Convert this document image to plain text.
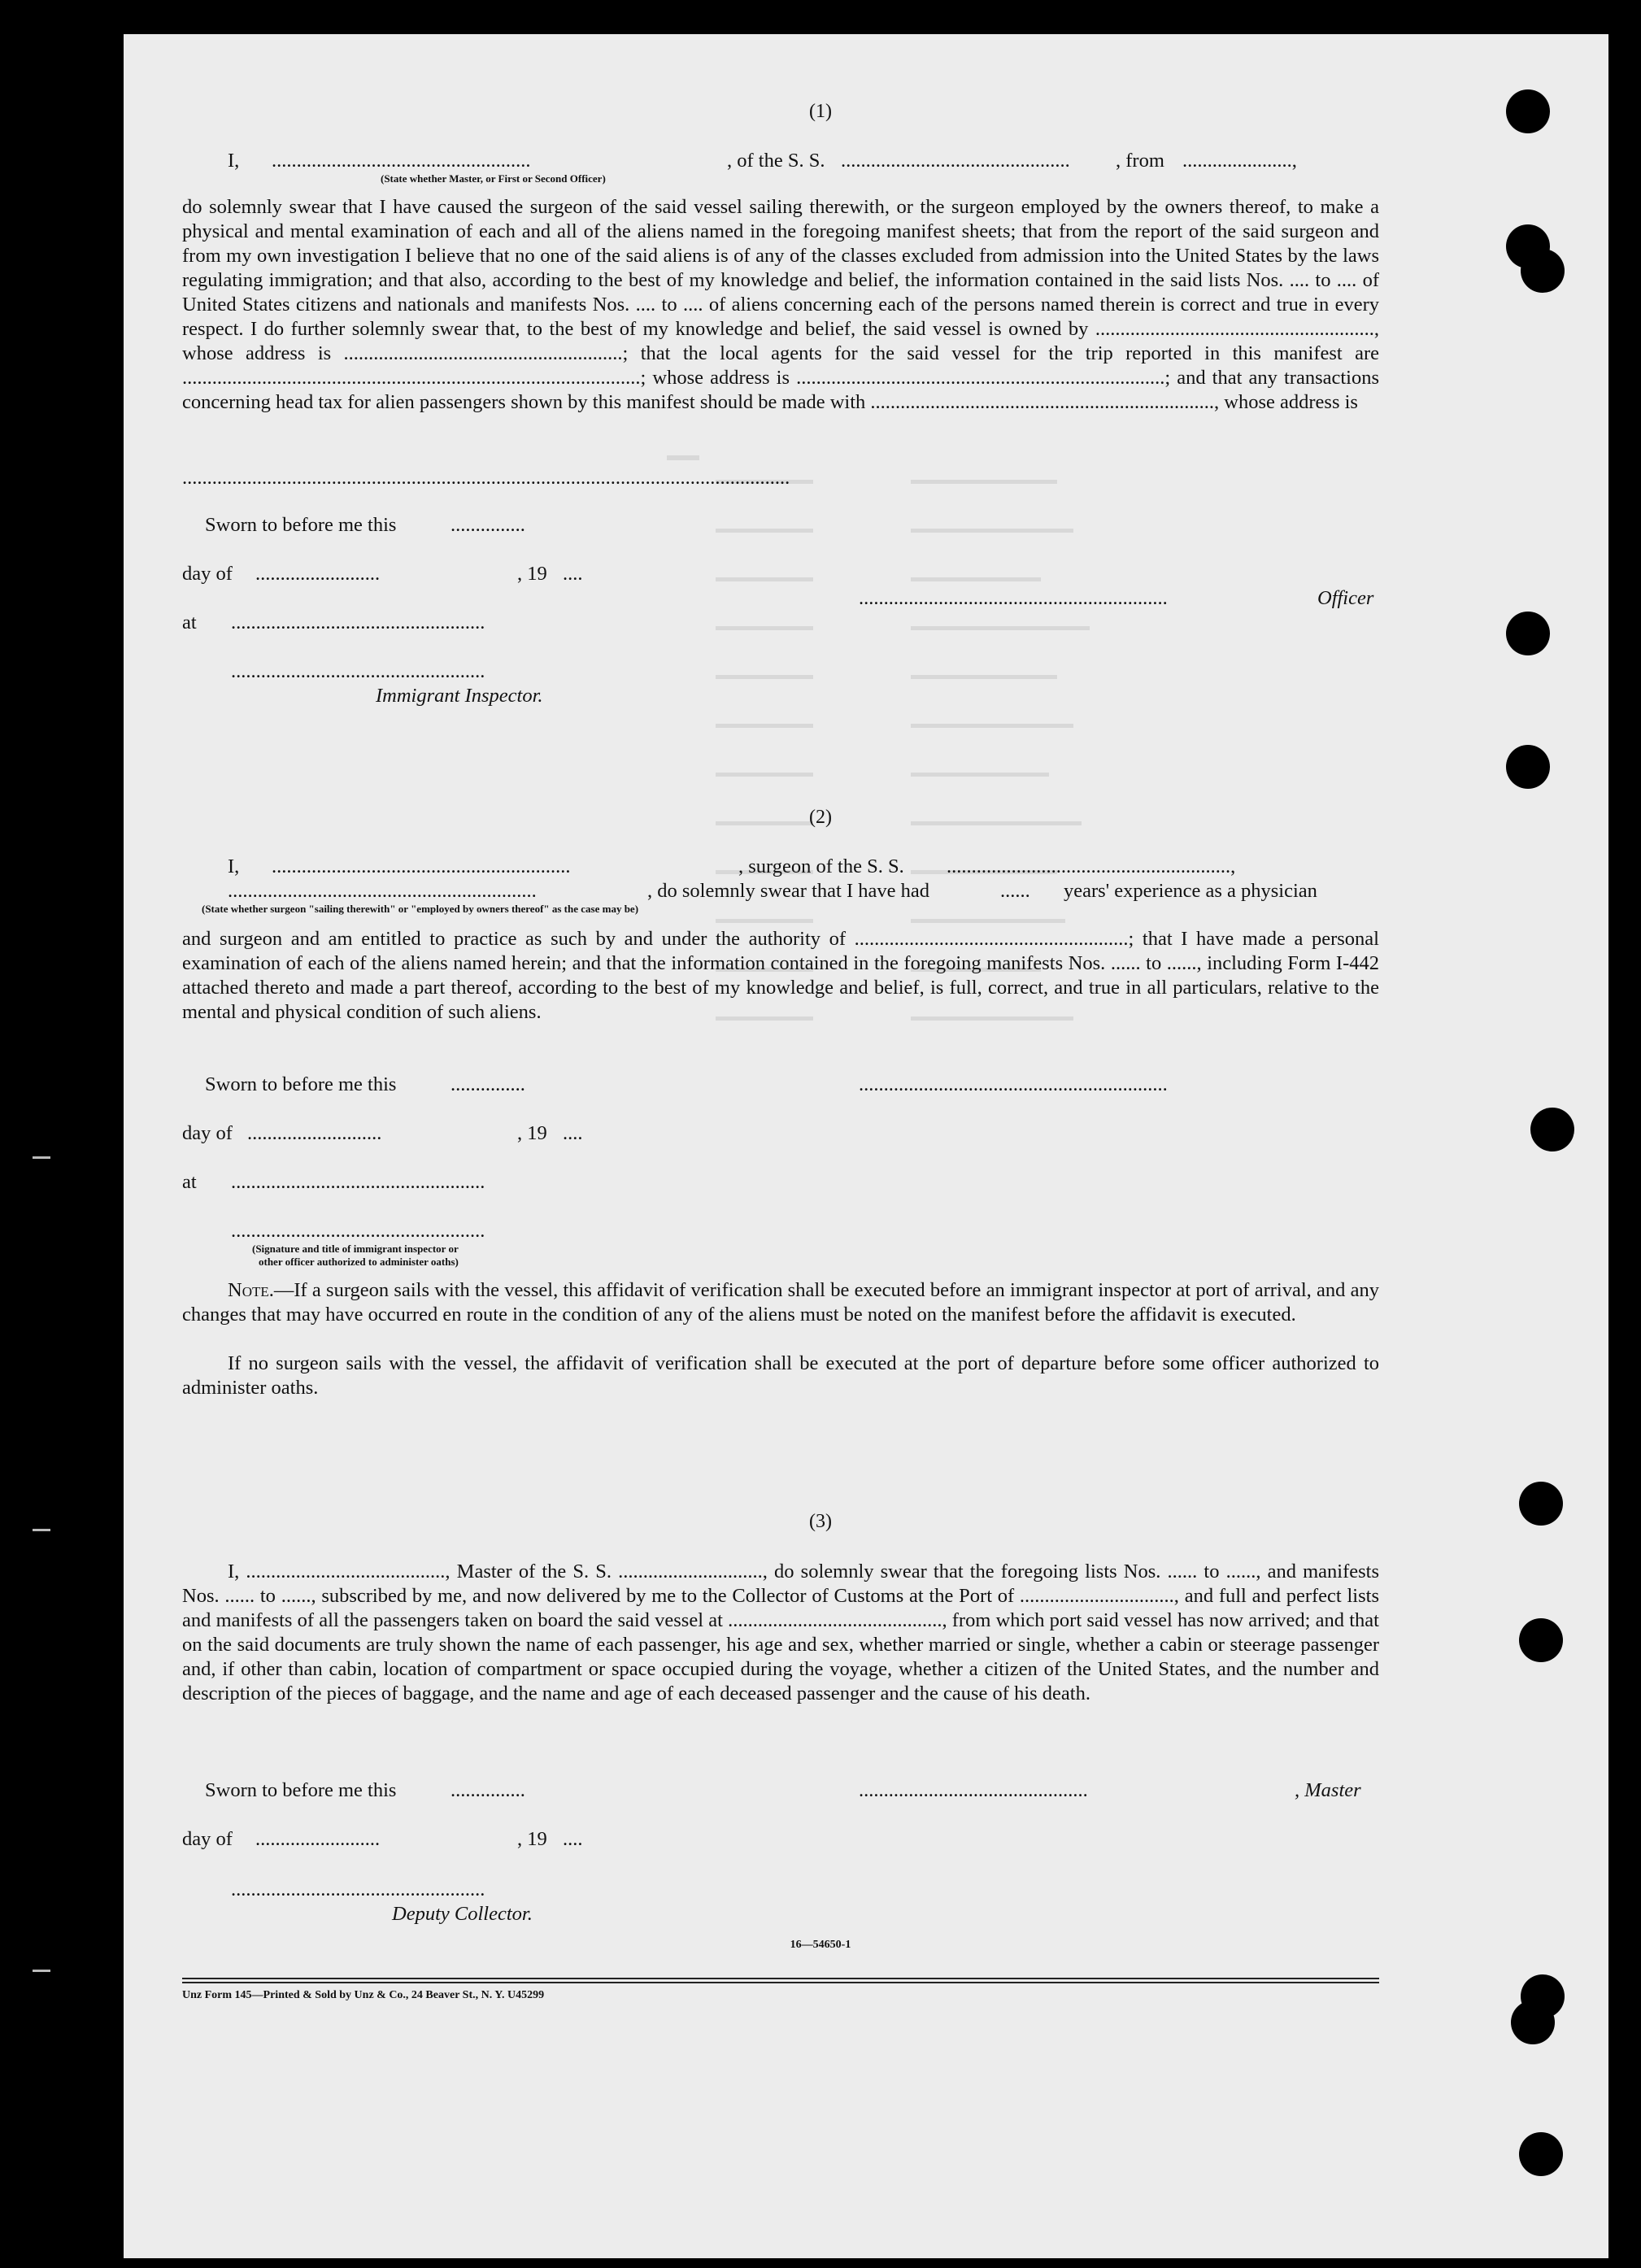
(1)
I, ....................................................	, of the S. S. .............................................. , from ......................,
(State whether Master, or First or Second Officer)
do solemnly swear that I have caused the surgeon of the said vessel sailing therewith, or the surgeon employed by the owners thereof, to make a physical and mental examination of each and all of the aliens named in the foregoing manifest sheets; that from the report of the said surgeon and from my own investigation I believe that no one of the said aliens is of any of the classes excluded from admission into the United States by the laws regulating immigration; and that also, according to the best of my knowledge and belief, the information contained in the said lists Nos. .... to .... of United States citizens and nationals and manifests Nos. .... to .... of aliens concerning each of the persons named therein is correct and true in every respect. I do further solemnly swear that, to the best of my knowledge and belief, the said vessel is owned by ........................................................, whose address is ........................................................; that the local agents for the said vessel for the trip reported in this manifest are ............................................................................................; whose address is ..........................................................................; and that any transactions concerning head tax for alien passengers shown by this manifest should be made with ....................................................................., whose address is
..........................................................................................................................
Sworn to before me this	...............
day of .........................	, 19 ....
..............................................................	Officer
at ...................................................
...................................................
Immigrant Inspector.
(2)
I, ............................................................	, surgeon of the S. S. .........................................................,
..............................................................	, do solemnly swear that I have had	...... years' experience as a physician
(State whether surgeon "sailing therewith" or "employed by owners thereof" as the case may be)
and surgeon and am entitled to practice as such by and under the authority of .......................................................; that I have made a personal examination of each of the aliens named herein; and that the information contained in the foregoing manifests Nos. ...... to ......, including Form I-442 attached thereto and made a part thereof, according to the best of my knowledge and belief, is full, correct, and true in all particulars, relative to the mental and physical condition of such aliens.
Sworn to before me this	...............	..............................................................
day of ...........................	, 19 ....
at ...................................................
...................................................
(Signature and title of immigrant inspector or
other officer authorized to administer oaths)
Note.—If a surgeon sails with the vessel, this affidavit of verification shall be executed before an immigrant inspector at port of arrival, and any changes that may have occurred en route in the condition of any of the aliens must be noted on the manifest before the affidavit is executed.
If no surgeon sails with the vessel, the affidavit of verification shall be executed at the port of departure before some officer authorized to administer oaths.
(3)
I, ........................................, Master of the S. S. ............................., do solemnly swear that the foregoing lists Nos. ...... to ......, and manifests Nos. ...... to ......, subscribed by me, and now delivered by me to the Collector of Customs at the Port of ..............................., and full and perfect lists and manifests of all the passengers taken on board the said vessel at ..........................................., from which port said vessel has now arrived; and that on the said documents are truly shown the name of each passenger, his age and sex, whether married or single, whether a cabin or steerage passenger and, if other than cabin, location of compartment or space occupied during the voyage, whether a citizen of the United States, and the number and description of the pieces of baggage, and the name and age of each deceased passenger and the cause of his death.
Sworn to before me this	...............	..............................................	, Master
day of .........................	, 19 ....
...................................................
Deputy Collector.
16—54650-1
Unz Form 145—Printed & Sold by Unz & Co., 24 Beaver St., N. Y. U45299
